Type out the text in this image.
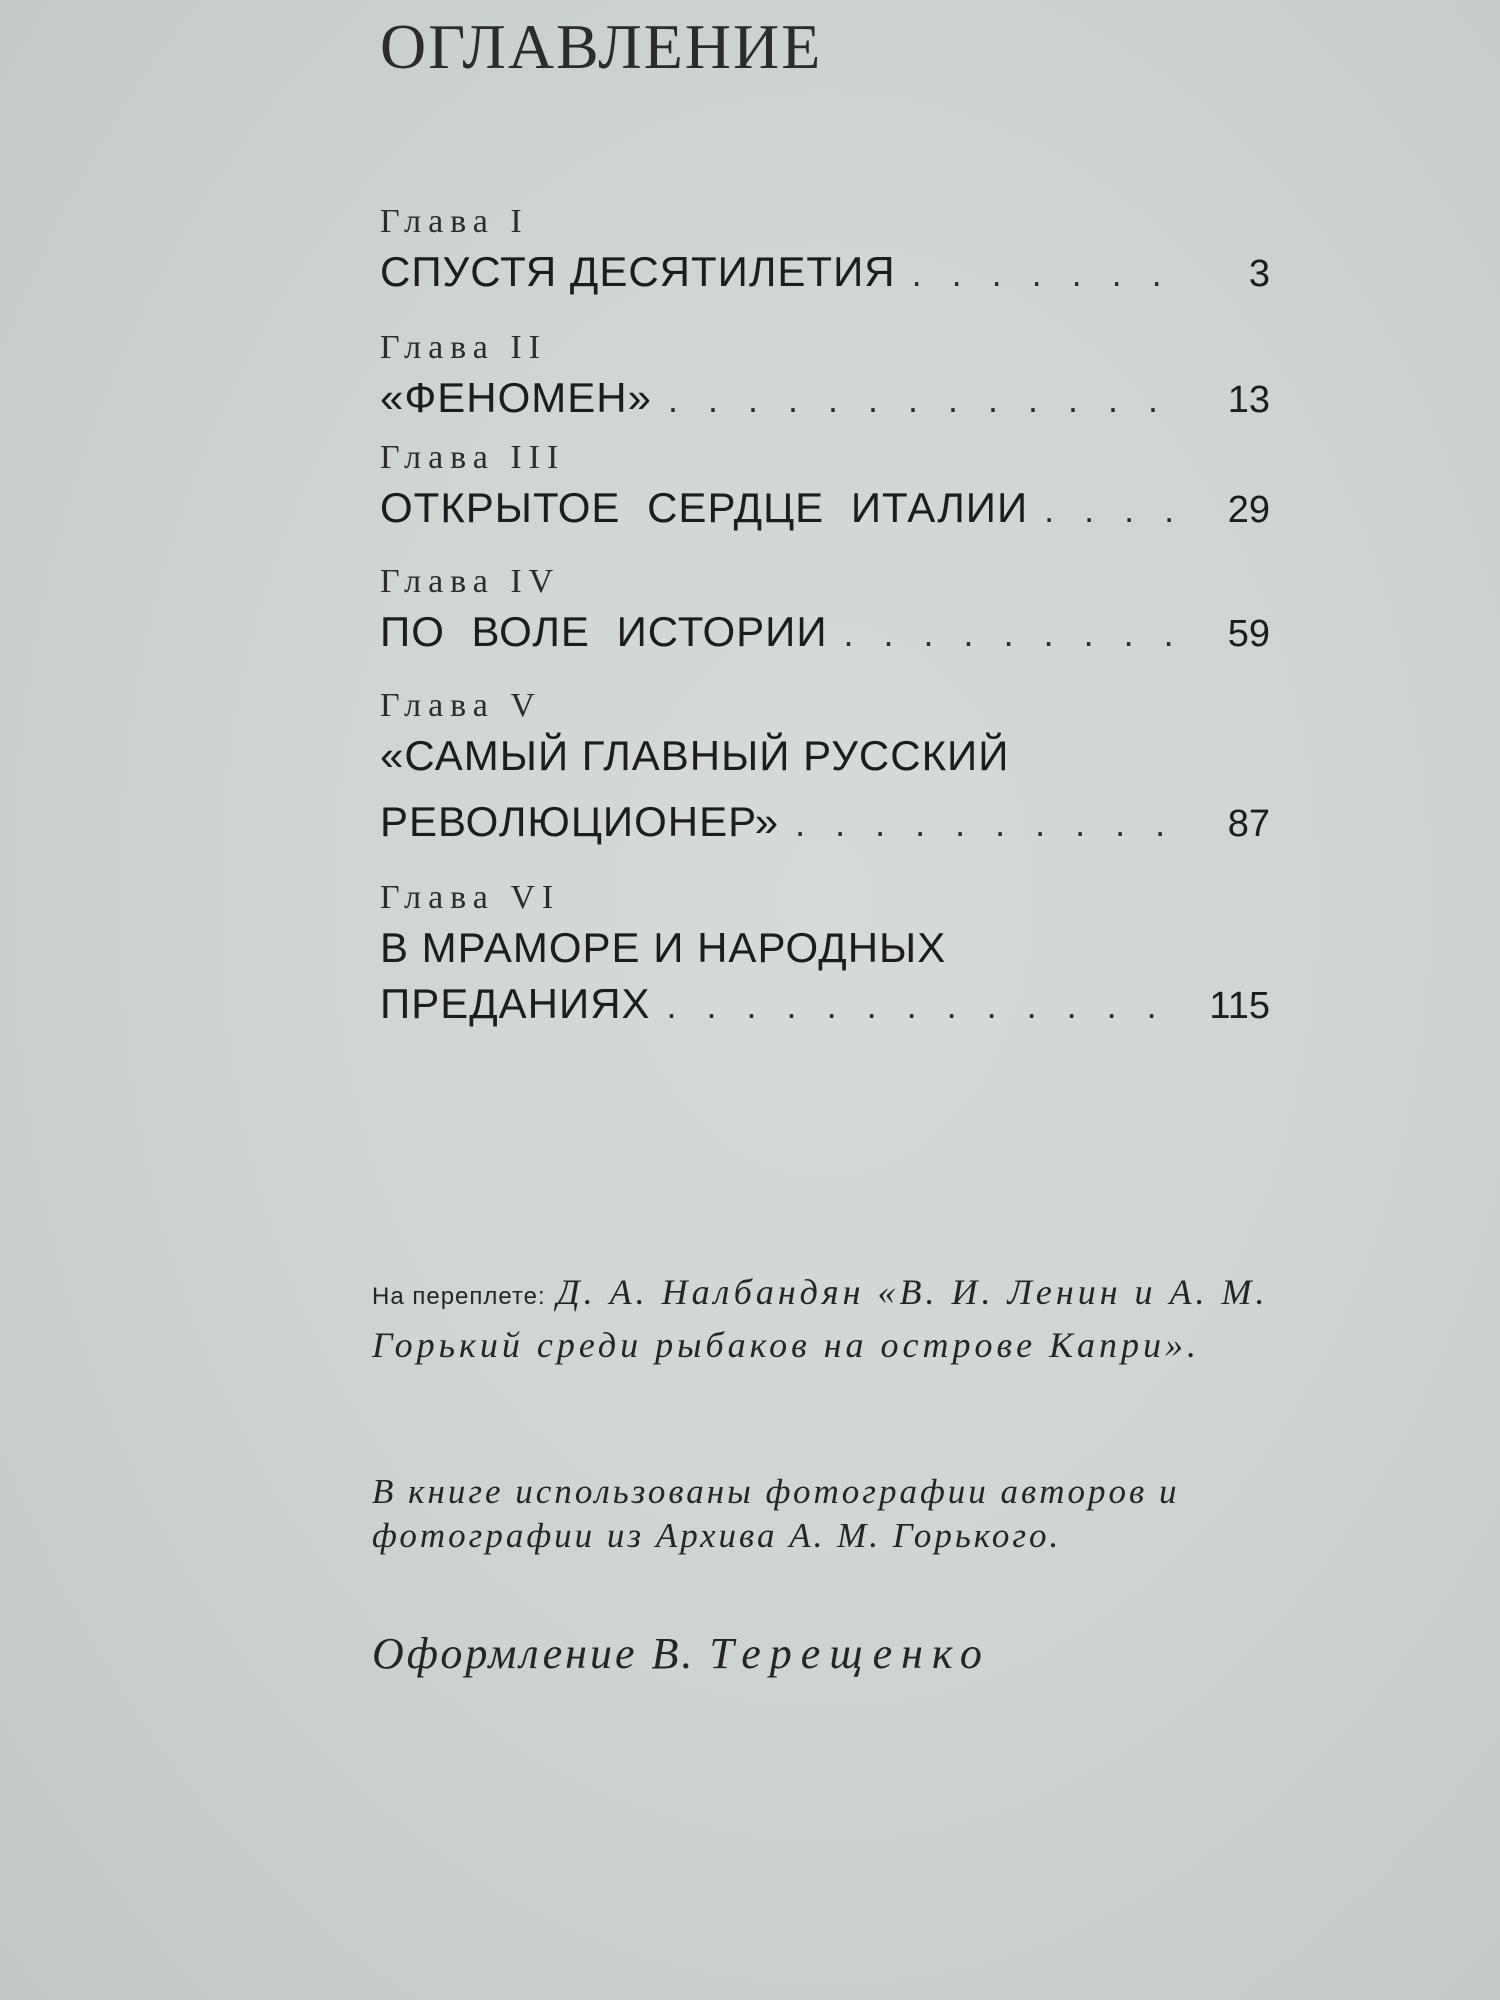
ОГЛАВЛЕНИЕ
Глава I
СПУСТЯ ДЕСЯТИЛЕТИЯ . . .	3
Глава II
«ФЕНОМЕН» . . .	13
Глава III
ОТКРЫТОЕ СЕРДЦЕ ИТАЛИИ . . .	29
Глава IV
ПО ВОЛЕ ИСТОРИИ . . .	59
Глава V
«САМЫЙ ГЛАВНЫЙ РУССКИЙ
РЕВОЛЮЦИОНЕР» . . .	87
Глава VI
В МРАМОРЕ И НАРОДНЫХ
ПРЕДАНИЯХ . . .	115
На переплете: Д. А. Налбандян «В. И. Ленин и А. М. Горький среди рыбаков на острове Капри».
В книге использованы фотографии авторов и фотографии из Архива А. М. Горького.
Оформление В. Терещенко
